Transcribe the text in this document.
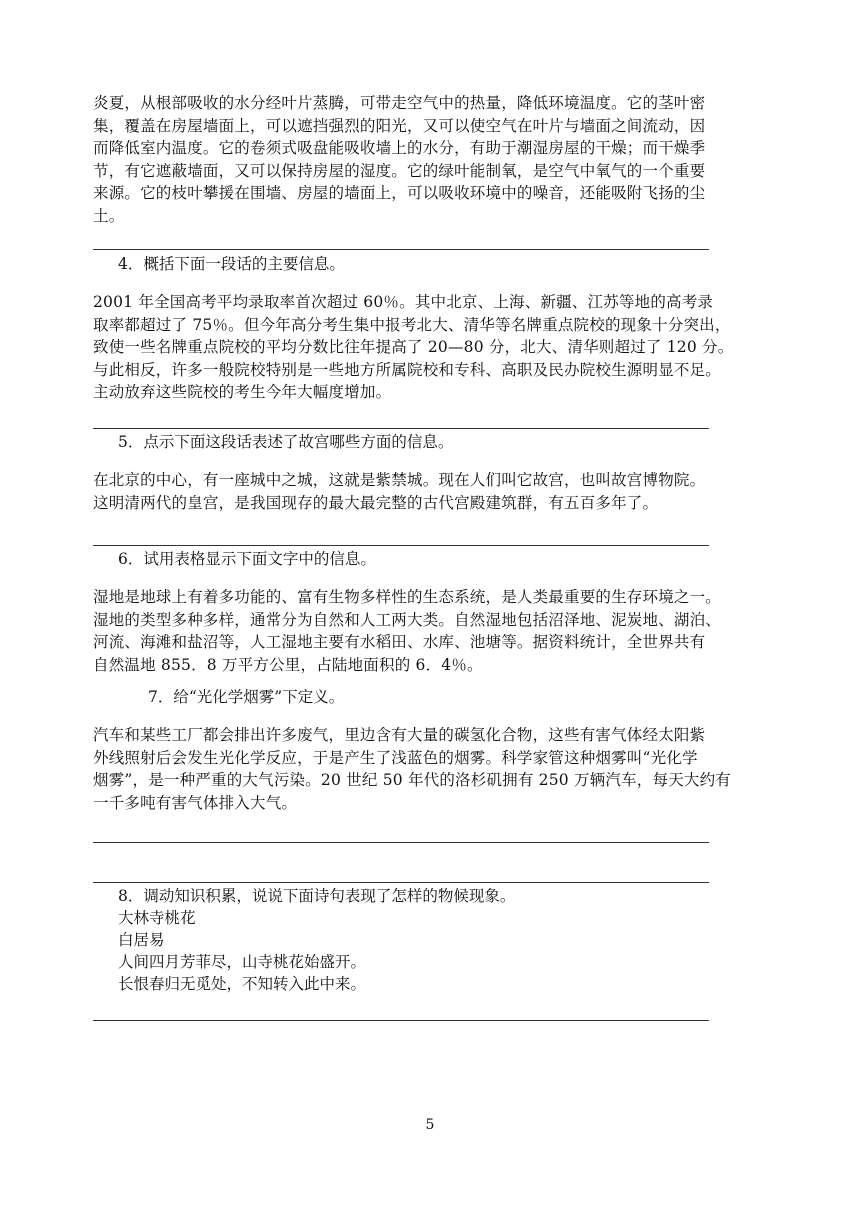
炎夏，从根部吸收的水分经叶片蒸腾，可带走空气中的热量，降低环境温度。它的茎叶密
集，覆盖在房屋墙面上，可以遮挡强烈的阳光，又可以使空气在叶片与墙面之间流动，因
而降低室内温度。它的卷须式吸盘能吸收墙上的水分，有助于潮湿房屋的干燥；而干燥季
节，有它遮蔽墙面，又可以保持房屋的湿度。它的绿叶能制氧，是空气中氧气的一个重要
来源。它的枝叶攀援在围墙、房屋的墙面上，可以吸收环境中的噪音，还能吸附飞扬的尘
土。
4．概括下面一段话的主要信息。
2001 年全国高考平均录取率首次超过 60％。其中北京、上海、新疆、江苏等地的高考录
取率都超过了 75％。但今年高分考生集中报考北大、清华等名牌重点院校的现象十分突出，
致使一些名牌重点院校的平均分数比往年提高了 20—80 分，北大、清华则超过了 120 分。
与此相反，许多一般院校特别是一些地方所属院校和专科、高职及民办院校生源明显不足。
主动放弃这些院校的考生今年大幅度增加。
5．点示下面这段话表述了故宫哪些方面的信息。
在北京的中心，有一座城中之城，这就是紫禁城。现在人们叫它故宫，也叫故宫博物院。
这明清两代的皇宫，是我国现存的最大最完整的古代宫殿建筑群，有五百多年了。
6．试用表格显示下面文字中的信息。
湿地是地球上有着多功能的、富有生物多样性的生态系统，是人类最重要的生存环境之一。
湿地的类型多种多样，通常分为自然和人工两大类。自然湿地包括沼泽地、泥炭地、湖泊、
河流、海滩和盐沼等，人工湿地主要有水稻田、水库、池塘等。据资料统计，全世界共有
自然温地 855．8 万平方公里，占陆地面积的 6．4％。
7．给“光化学烟雾”下定义。
汽车和某些工厂都会排出许多废气，里边含有大量的碳氢化合物，这些有害气体经太阳紫
外线照射后会发生光化学反应，于是产生了浅蓝色的烟雾。科学家管这种烟雾叫“光化学
烟雾”，是一种严重的大气污染。20 世纪 50 年代的洛杉矶拥有 250 万辆汽车，每天大约有
一千多吨有害气体排入大气。
8．调动知识积累，说说下面诗句表现了怎样的物候现象。
大林寺桃花
白居易
人间四月芳菲尽，山寺桃花始盛开。
长恨春归无觅处，不知转入此中来。
5
